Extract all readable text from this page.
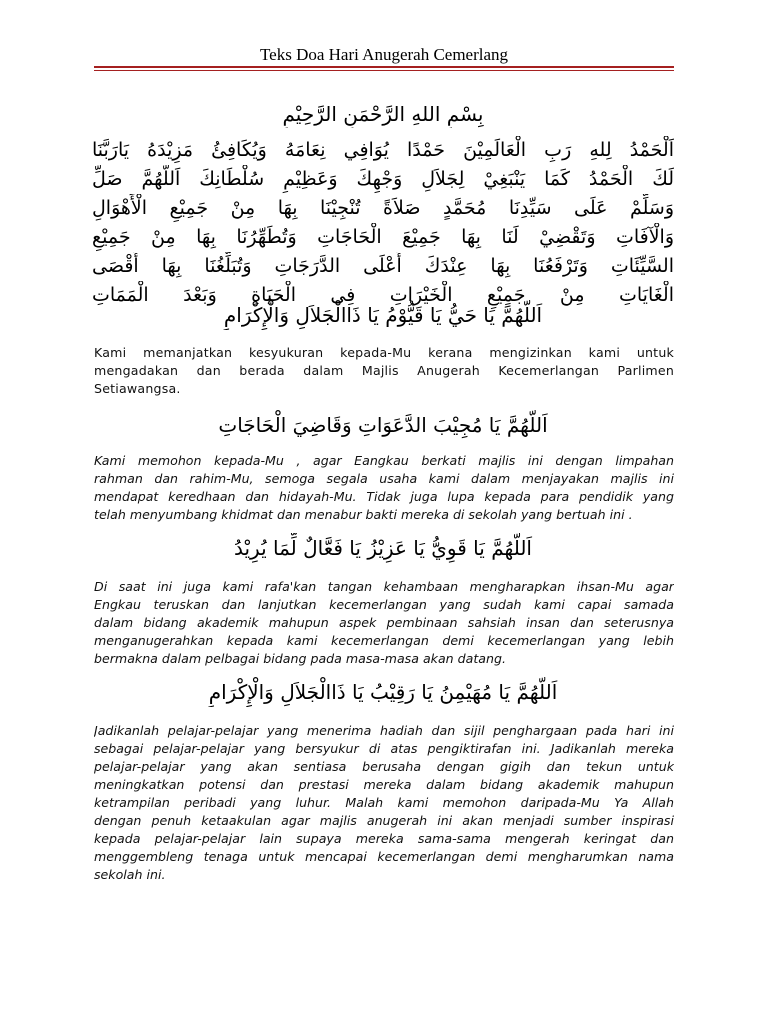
Teks Doa Hari Anugerah Cemerlang
بِسْمِ اللهِ الرَّحْمَنِ الرَّحِيْمِ
اَلْحَمْدُ لِلهِ رَبِ الْعَالَمِيْنَ حَمْدًا يُوَافِي نِعَامَهُ وَيُكَافِئُ مَزِيْدَهُ يَارَبَّنَا
لَكَ الْحَمْدُ كَمَا يَنْبَغِيْ لِجَلاَلِ وَجْهِكَ وَعَظِيْمِ سُلْطَانِكَ اَللَّهُمَّ صَلِّ
وَسَلِّمْ عَلَى سَيِّدِنَا مُحَمَّدٍ صَلاَةً تُنْجِيْنَا بِهَا مِنْ جَمِيْعِ الْأَهْوَالِ
وَالْآفَاتِ وَتَقْضِيْ لَنَا بِهَا جَمِيْعَ الْحَاجَاتِ وَتُطَهِّرُنَا بِهَا مِنْ جَمِيْعِ
السَّيِّئَاتِ وَتَرْفَعُنَا بِهَا عِنْدَكَ أَعْلَى الدَّرَجَاتِ وَتُبَلِّغُنَا بِهَا أَقْصَى
الْغَايَاتِ مِنْ جَمِيْعِ الْخَيْرَاتِ فِى الْحَيَاةِ وَبَعْدَ الْمَمَاتِ
اَللَّهُمَّ يَا حَيُّ يَا قَيُّوْمُ يَا ذَاالْجَلاَلِ وَالْإِكْرَامِ
Kami memanjatkan kesyukuran kepada-Mu kerana mengizinkan kami untuk
mengadakan dan berada dalam Majlis Anugerah Kecemerlangan Parlimen
Setiawangsa.
اَللَّهُمَّ يَا مُجِيْبَ الدَّعَوَاتِ وَقَاضِيَ الْحَاجَاتِ
Kami memohon kepada-Mu , agar Eangkau berkati majlis ini dengan limpahan
rahman dan rahim-Mu, semoga segala usaha kami dalam menjayakan majlis ini
mendapat keredhaan dan hidayah-Mu. Tidak juga lupa kepada para pendidik yang
telah menyumbang khidmat dan menabur bakti mereka di sekolah yang bertuah ini .
اَللَّهُمَّ يَا قَوِيُّ يَا عَزِيْزُ يَا فَعَّالٌ لِّمَا يُرِيْدُ
Di saat ini juga kami rafa'kan tangan kehambaan mengharapkan ihsan-Mu agar
Engkau teruskan dan lanjutkan kecemerlangan yang sudah kami capai samada
dalam bidang akademik mahupun aspek pembinaan sahsiah insan dan seterusnya
menganugerahkan kepada kami kecemerlangan demi kecemerlangan yang lebih
bermakna dalam pelbagai bidang pada masa-masa akan datang.
اَللَّهُمَّ يَا مُهَيْمِنُ يَا رَقِيْبُ يَا ذَاالْجَلاَلِ وَالْإِكْرَامِ
Jadikanlah pelajar-pelajar yang menerima hadiah dan sijil penghargaan pada hari ini
sebagai pelajar-pelajar yang bersyukur di atas pengiktirafan ini. Jadikanlah mereka
pelajar-pelajar yang akan sentiasa berusaha dengan gigih dan tekun untuk
meningkatkan potensi dan prestasi mereka dalam bidang akademik mahupun
ketrampilan peribadi yang luhur. Malah kami memohon daripada-Mu Ya Allah
dengan penuh ketaakulan agar majlis anugerah ini akan menjadi sumber inspirasi
kepada pelajar-pelajar lain supaya mereka sama-sama mengerah keringat dan
menggembleng tenaga untuk mencapai kecemerlangan demi mengharumkan nama
sekolah ini.
